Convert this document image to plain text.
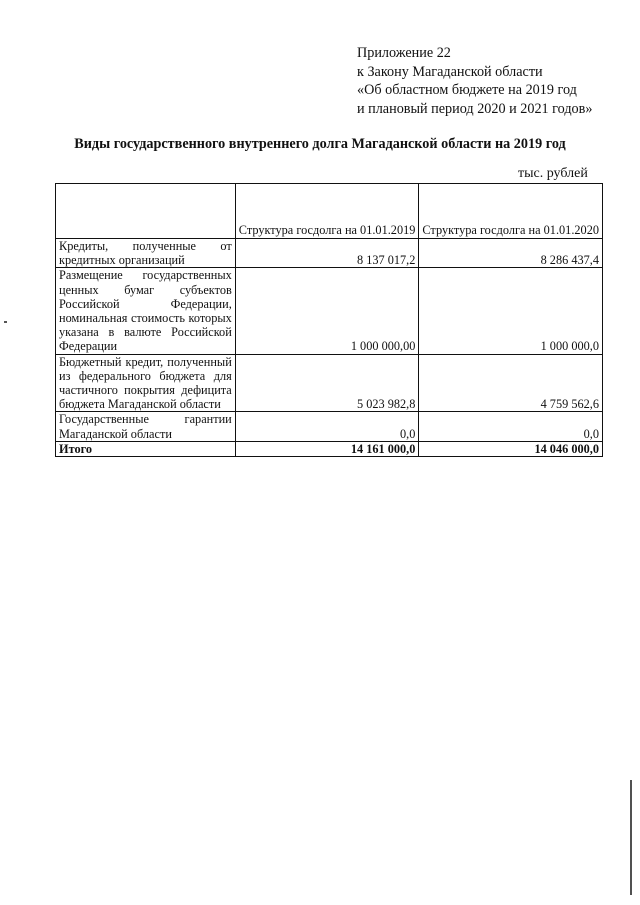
Приложение 22
к Закону Магаданской области
«Об областном бюджете на 2019 год
и плановый период 2020 и 2021 годов»
Виды государственного внутреннего долга Магаданской области на 2019 год
тыс. рублей
	Структура госдолга на 01.01.2019	Структура госдолга на 01.01.2020
Кредиты, полученные от кредитных организаций	8 137 017,2	8 286 437,4
Размещение государственных ценных бумаг субъектов Российской Федерации, номинальная стоимость которых указана в валюте Российской Федерации	1 000 000,00	1 000 000,0
Бюджетный кредит, полученный из федерального бюджета для частичного покрытия дефицита бюджета Магаданской области	5 023 982,8	4 759 562,6
Государственные гарантии Магаданской области	0,0	0,0
Итого	14 161 000,0	14 046 000,0
